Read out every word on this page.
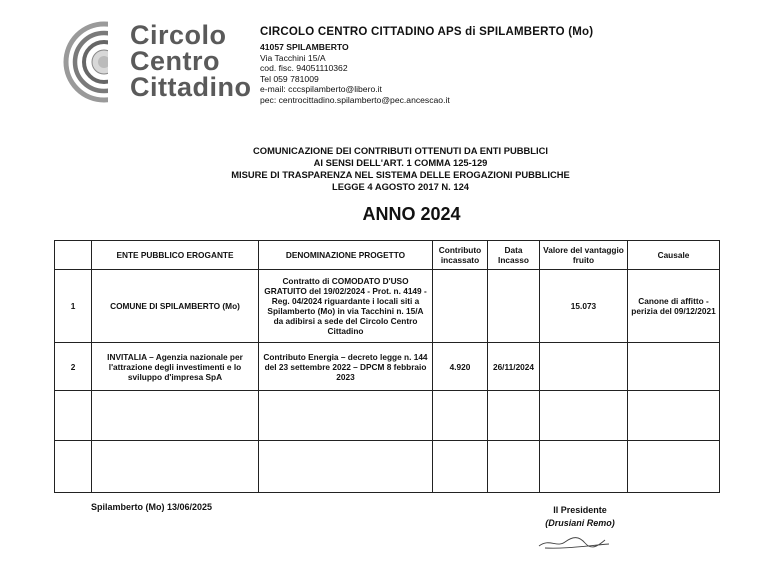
Circolo
Centro
Cittadino
CIRCOLO CENTRO CITTADINO APS di SPILAMBERTO (Mo)
41057 SPILAMBERTO
Via Tacchini 15/A
cod. fisc. 94051110362
Tel 059 781009
e-mail: cccspilamberto@libero.it
pec: centrocittadino.spilamberto@pec.ancescao.it
COMUNICAZIONE DEI CONTRIBUTI OTTENUTI DA ENTI PUBBLICI
AI SENSI DELL'ART. 1 COMMA 125-129
MISURE DI TRASPARENZA NEL SISTEMA DELLE EROGAZIONI PUBBLICHE
LEGGE 4 AGOSTO 2017 N. 124
ANNO 2024
	ENTE PUBBLICO EROGANTE	DENOMINAZIONE PROGETTO	Contributo incassato	Data Incasso	Valore del vantaggio fruito	Causale
1	COMUNE DI SPILAMBERTO (Mo)	Contratto di COMODATO D'USO GRATUITO del 19/02/2024 - Prot. n. 4149 - Reg. 04/2024 riguardante i locali siti a Spilamberto (Mo) in via Tacchini n. 15/A da adibirsi a sede del Circolo Centro Cittadino			15.073	Canone di affitto - perizia del 09/12/2021
2	INVITALIA – Agenzia nazionale per l'attrazione degli investimenti e lo sviluppo d'impresa SpA	Contributo Energia – decreto legge n. 144 del 23 settembre 2022 – DPCM 8 febbraio 2023	4.920	26/11/2024		

Spilamberto (Mo) 13/06/2025	Il Presidente
(Drusiani Remo)
